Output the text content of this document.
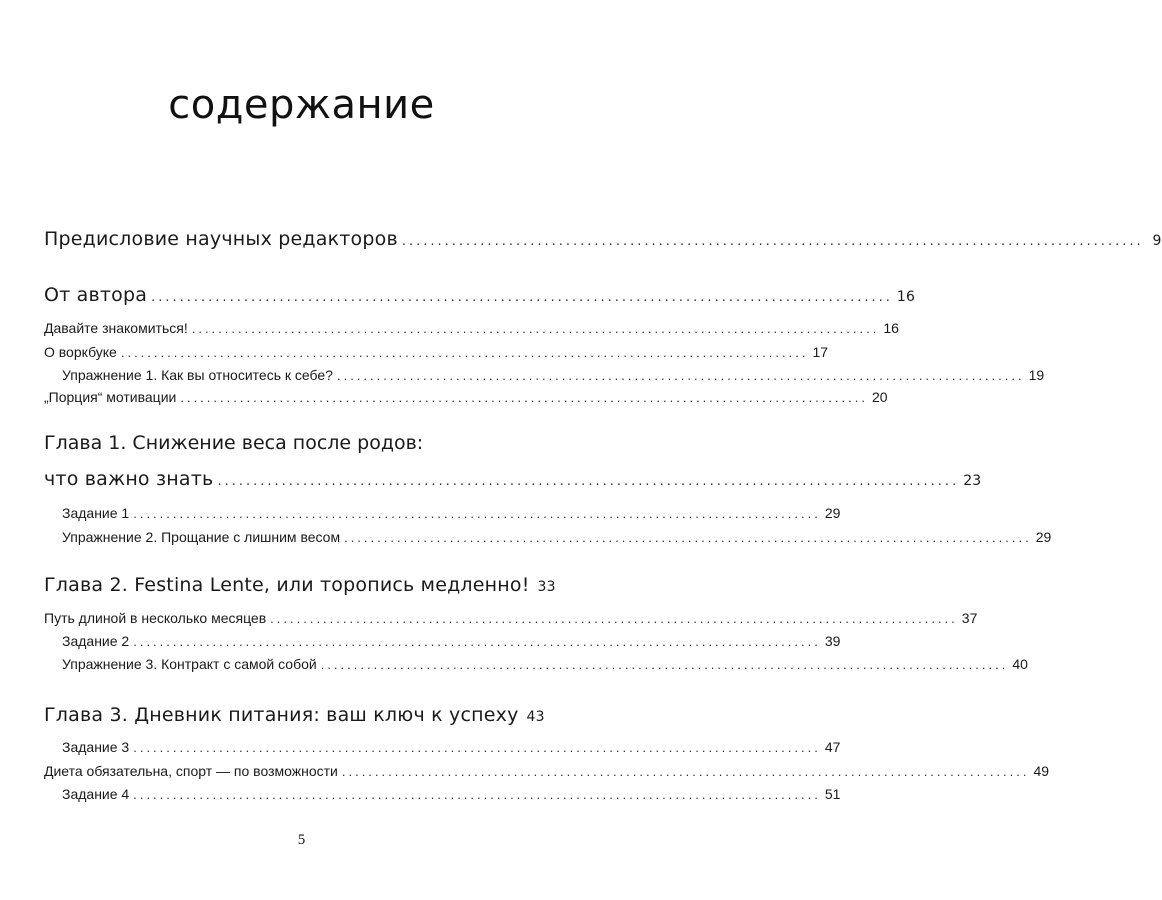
содержание
Предисловие научных редакторов ........................................................................................................ 9
От автора ........................................................................................................ 16
Давайте знакомиться! ........................................................................................................ 16
О воркбуке ........................................................................................................ 17
Упражнение 1. Как вы относитесь к себе? ........................................................................................................ 19
„Порция“ мотивации ........................................................................................................ 20
Глава 1. Снижение веса после родов:
что важно знать ........................................................................................................ 23
Задание 1 ........................................................................................................ 29
Упражнение 2. Прощание с лишним весом ........................................................................................................ 29
Глава 2. Festina Lente, или торопись медленно! 33
Путь длиной в несколько месяцев ........................................................................................................ 37
Задание 2 ........................................................................................................ 39
Упражнение 3. Контракт с самой собой ........................................................................................................ 40
Глава 3. Дневник питания: ваш ключ к успеху 43
Задание 3 ........................................................................................................ 47
Диета обязательна, спорт — по возможности ........................................................................................................ 49
Задание 4 ........................................................................................................ 51
5
